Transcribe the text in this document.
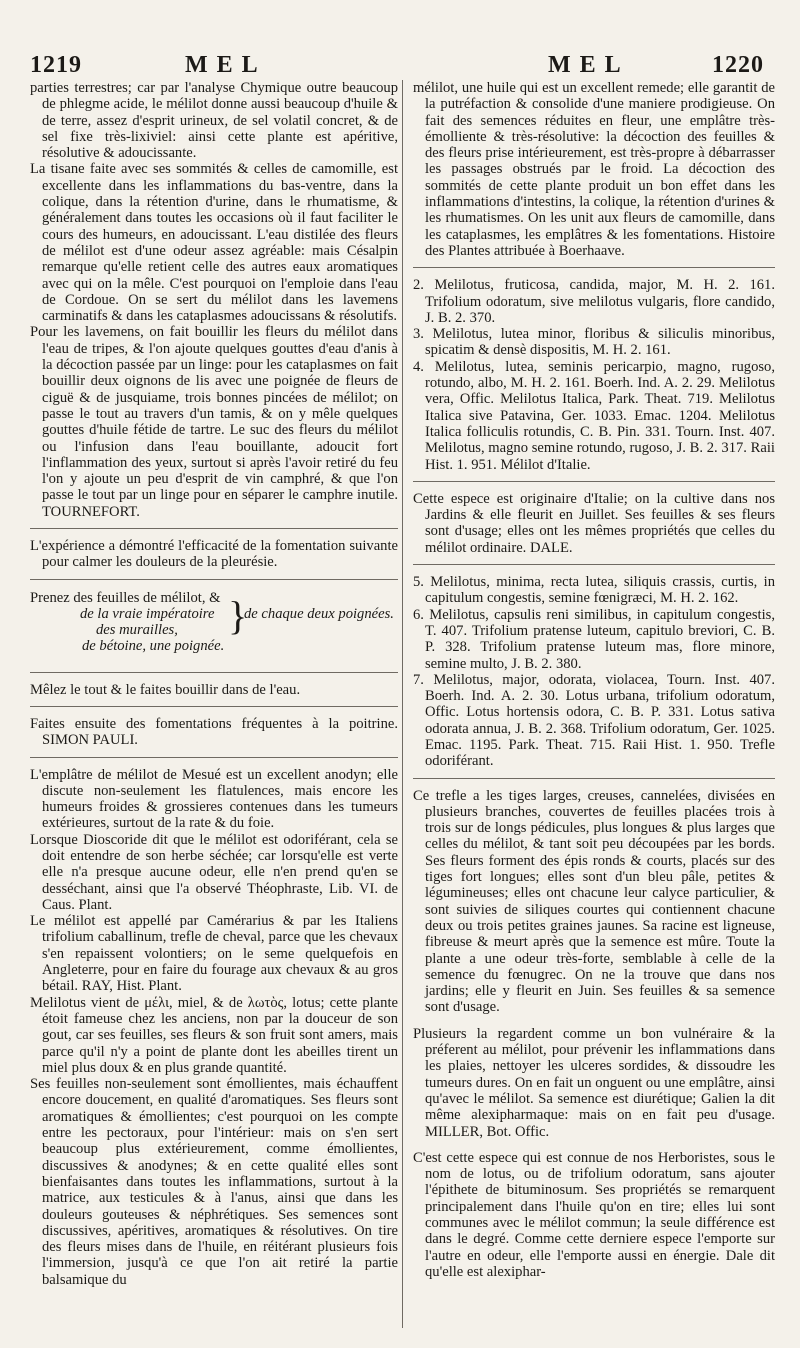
1219	MEL	MEL	1220

parties terrestres; car par l'analyse Chymique outre beaucoup de phlegme acide, le mélilot donne aussi beaucoup d'huile & de terre, assez d'esprit urineux, de sel volatil concret, & de sel fixe très-lixiviel: ainsi cette plante est apéritive, résolutive & adoucissante.

La tisane faite avec ses sommités & celles de camomille, est excellente dans les inflammations du bas-ventre, dans la colique, dans la rétention d'urine, dans le rhumatisme, & généralement dans toutes les occasions où il faut faciliter le cours des humeurs, en adoucissant. L'eau distilée des fleurs de mélilot est d'une odeur assez agréable: mais Césalpin remarque qu'elle retient celle des autres eaux aromatiques avec qui on la mêle. C'est pourquoi on l'emploie dans l'eau de Cordoue. On se sert du mélilot dans les lavemens carminatifs & dans les cataplasmes adoucissans & résolutifs.

Pour les lavemens, on fait bouillir les fleurs du mélilot dans l'eau de tripes, & l'on ajoute quelques gouttes d'eau d'anis à la décoction passée par un linge: pour les cataplasmes on fait bouillir deux oignons de lis avec une poignée de fleurs de ciguë & de jusquiame, trois bonnes pincées de mélilot; on passe le tout au travers d'un tamis, & on y mêle quelques gouttes d'huile fétide de tartre. Le suc des fleurs du mélilot ou l'infusion dans l'eau bouillante, adoucit fort l'inflammation des yeux, surtout si après l'avoir retiré du feu l'on y ajoute un peu d'esprit de vin camphré, & que l'on passe le tout par un linge pour en séparer le camphre inutile. TOURNEFORT.

L'expérience a démontré l'efficacité de la fomentation suivante pour calmer les douleurs de la pleurésie.

Prenez des feuilles de mélilot, &
de la vraie impératoire
des murailles,
de bétoine, une poignée.
}
de chaque deux poignées.

Mêlez le tout & le faites bouillir dans de l'eau.

Faites ensuite des fomentations fréquentes à la poitrine. SIMON PAULI.

L'emplâtre de mélilot de Mesué est un excellent anodyn; elle discute non-seulement les flatulences, mais encore les humeurs froides & grossieres contenues dans les tumeurs extérieures, surtout de la rate & du foie.

Lorsque Dioscoride dit que le mélilot est odoriférant, cela se doit entendre de son herbe séchée; car lorsqu'elle est verte elle n'a presque aucune odeur, elle n'en prend qu'en se desséchant, ainsi que l'a observé Théophraste, Lib. VI. de Caus. Plant.

Le mélilot est appellé par Camérarius & par les Italiens trifolium caballinum, trefle de cheval, parce que les chevaux s'en repaissent volontiers; on le seme quelquefois en Angleterre, pour en faire du fourage aux chevaux & au gros bétail. RAY, Hist. Plant.

Melilotus vient de μέλι, miel, & de λωτὸς, lotus; cette plante étoit fameuse chez les anciens, non par la douceur de son gout, car ses feuilles, ses fleurs & son fruit sont amers, mais parce qu'il n'y a point de plante dont les abeilles tirent un miel plus doux & en plus grande quantité.

Ses feuilles non-seulement sont émollientes, mais échauffent encore doucement, en qualité d'aromatiques. Ses fleurs sont aromatiques & émollientes; c'est pourquoi on les compte entre les pectoraux, pour l'intérieur: mais on s'en sert beaucoup plus extérieurement, comme émollientes, discussives & anodynes; & en cette qualité elles sont bienfaisantes dans toutes les inflammations, surtout à la matrice, aux testicules & à l'anus, ainsi que dans les douleurs gouteuses & néphrétiques. Ses semences sont discussives, apéritives, aromatiques & résolutives. On tire des fleurs mises dans de l'huile, en réitérant plusieurs fois l'immersion, jusqu'à ce que l'on ait retiré la partie balsamique du

mélilot, une huile qui est un excellent remede; elle garantit de la putréfaction & consolide d'une maniere prodigieuse. On fait des semences réduites en fleur, une emplâtre très-émolliente & très-résolutive: la décoction des feuilles & des fleurs prise intérieurement, est très-propre à débarrasser les passages obstrués par le froid. La décoction des sommités de cette plante produit un bon effet dans les inflammations d'intestins, la colique, la rétention d'urines & les rhumatismes. On les unit aux fleurs de camomille, dans les cataplasmes, les emplâtres & les fomentations. Histoire des Plantes attribuée à Boerhaave.

2. Melilotus, fruticosa, candida, major, M. H. 2. 161. Trifolium odoratum, sive melilotus vulgaris, flore candido, J. B. 2. 370.

3. Melilotus, lutea minor, floribus & siliculis minoribus, spicatim & densè dispositis, M. H. 2. 161.

4. Melilotus, lutea, seminis pericarpio, magno, rugoso, rotundo, albo, M. H. 2. 161. Boerh. Ind. A. 2. 29. Melilotus vera, Offic. Melilotus Italica, Park. Theat. 719. Melilotus Italica sive Patavina, Ger. 1033. Emac. 1204. Melilotus Italica folliculis rotundis, C. B. Pin. 331. Tourn. Inst. 407. Melilotus, magno semine rotundo, rugoso, J. B. 2. 317. Raii Hist. 1. 951. Mélilot d'Italie.

Cette espece est originaire d'Italie; on la cultive dans nos Jardins & elle fleurit en Juillet. Ses feuilles & ses fleurs sont d'usage; elles ont les mêmes propriétés que celles du mélilot ordinaire. DALE.

5. Melilotus, minima, recta lutea, siliquis crassis, curtis, in capitulum congestis, semine fœnigræci, M. H. 2. 162.

6. Melilotus, capsulis reni similibus, in capitulum congestis, T. 407. Trifolium pratense luteum, capitulo breviori, C. B. P. 328. Trifolium pratense luteum mas, flore minore, semine multo, J. B. 2. 380.

7. Melilotus, major, odorata, violacea, Tourn. Inst. 407. Boerh. Ind. A. 2. 30. Lotus urbana, trifolium odoratum, Offic. Lotus hortensis odora, C. B. P. 331. Lotus sativa odorata annua, J. B. 2. 368. Trifolium odoratum, Ger. 1025. Emac. 1195. Park. Theat. 715. Raii Hist. 1. 950. Trefle odoriférant.

Ce trefle a les tiges larges, creuses, cannelées, divisées en plusieurs branches, couvertes de feuilles placées trois à trois sur de longs pédicules, plus longues & plus larges que celles du mélilot, & tant soit peu découpées par les bords. Ses fleurs forment des épis ronds & courts, placés sur des tiges fort longues; elles sont d'un bleu pâle, petites & légumineuses; elles ont chacune leur calyce particulier, & sont suivies de siliques courtes qui contiennent chacune deux ou trois petites graines jaunes. Sa racine est ligneuse, fibreuse & meurt après que la semence est mûre. Toute la plante a une odeur très-forte, semblable à celle de la semence du fœnugrec. On ne la trouve que dans nos jardins; elle y fleurit en Juin. Ses feuilles & sa semence sont d'usage.

Plusieurs la regardent comme un bon vulnéraire & la préferent au mélilot, pour prévenir les inflammations dans les plaies, nettoyer les ulceres sordides, & dissoudre les tumeurs dures. On en fait un onguent ou une emplâtre, ainsi qu'avec le mélilot. Sa semence est diurétique; Galien la dit même alexipharmaque: mais on en fait peu d'usage. MILLER, Bot. Offic.

C'est cette espece qui est connue de nos Herboristes, sous le nom de lotus, ou de trifolium odoratum, sans ajouter l'épithete de bituminosum. Ses propriétés se remarquent principalement dans l'huile qu'on en tire; elles lui sont communes avec le mélilot commun; la seule différence est dans le degré. Comme cette derniere espece l'emporte sur l'autre en odeur, elle l'emporte aussi en énergie. Dale dit qu'elle est alexiphar-
